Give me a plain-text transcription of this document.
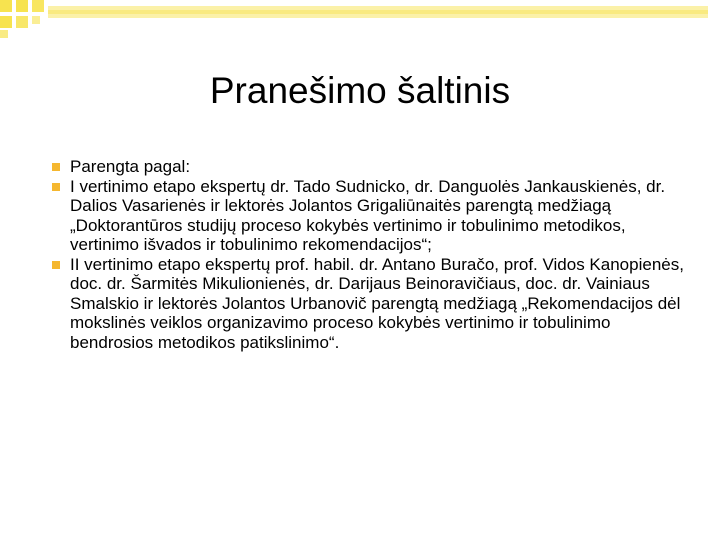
Pranešimo šaltinis
Parengta pagal:
I vertinimo etapo ekspertų dr. Tado Sudnicko, dr. Danguolės Jankauskienės, dr. Dalios Vasarienės ir lektorės Jolantos Grigaliūnaitės parengtą medžiagą „Doktorantūros studijų proceso kokybės vertinimo ir tobulinimo metodikos, vertinimo išvados ir tobulinimo rekomendacijos“;
II vertinimo etapo ekspertų prof. habil. dr. Antano Buračo, prof. Vidos Kanopienės, doc. dr. Šarmitės Mikulionienės, dr. Darijaus Beinoravičiaus, doc. dr. Vainiaus Smalskio ir lektorės Jolantos Urbanovič parengtą medžiagą „Rekomendacijos dėl mokslinės veiklos organizavimo proceso kokybės vertinimo ir tobulinimo bendrosios metodikos patikslinimo“.
